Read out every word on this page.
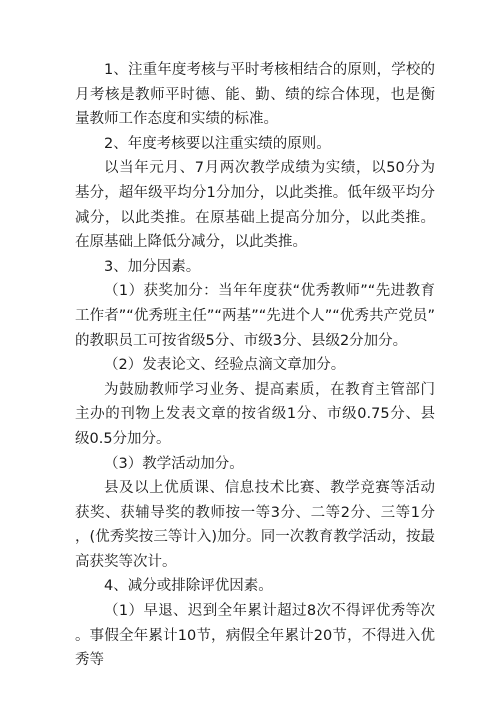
1、注重年度考核与平时考核相结合的原则，学校的月考核是教师平时德、能、勤、绩的综合体现，也是衡量教师工作态度和实绩的标准。

2、年度考核要以注重实绩的原则。

以当年元月、7月两次教学成绩为实绩，以50分为基分，超年级平均分1分加分，以此类推。低年级平均分减分，以此类推。在原基础上提高分加分，以此类推。在原基础上降低分减分，以此类推。

3、加分因素。

（1）获奖加分：当年年度获“优秀教师”“先进教育工作者”“优秀班主任”“两基”“先进个人”“优秀共产党员”的教职员工可按省级5分、市级3分、县级2分加分。

（2）发表论文、经验点滴文章加分。

为鼓励教师学习业务、提高素质，在教育主管部门主办的刊物上发表文章的按省级1分、市级0.75分、县级0.5分加分。

（3）教学活动加分。

县及以上优质课、信息技术比赛、教学竞赛等活动获奖、获辅导奖的教师按一等3分、二等2分、三等1分，(优秀奖按三等计入)加分。同一次教育教学活动，按最高获奖等次计。

4、减分或排除评优因素。

（1）早退、迟到全年累计超过8次不得评优秀等次。事假全年累计10节，病假全年累计20节，不得进入优秀等
